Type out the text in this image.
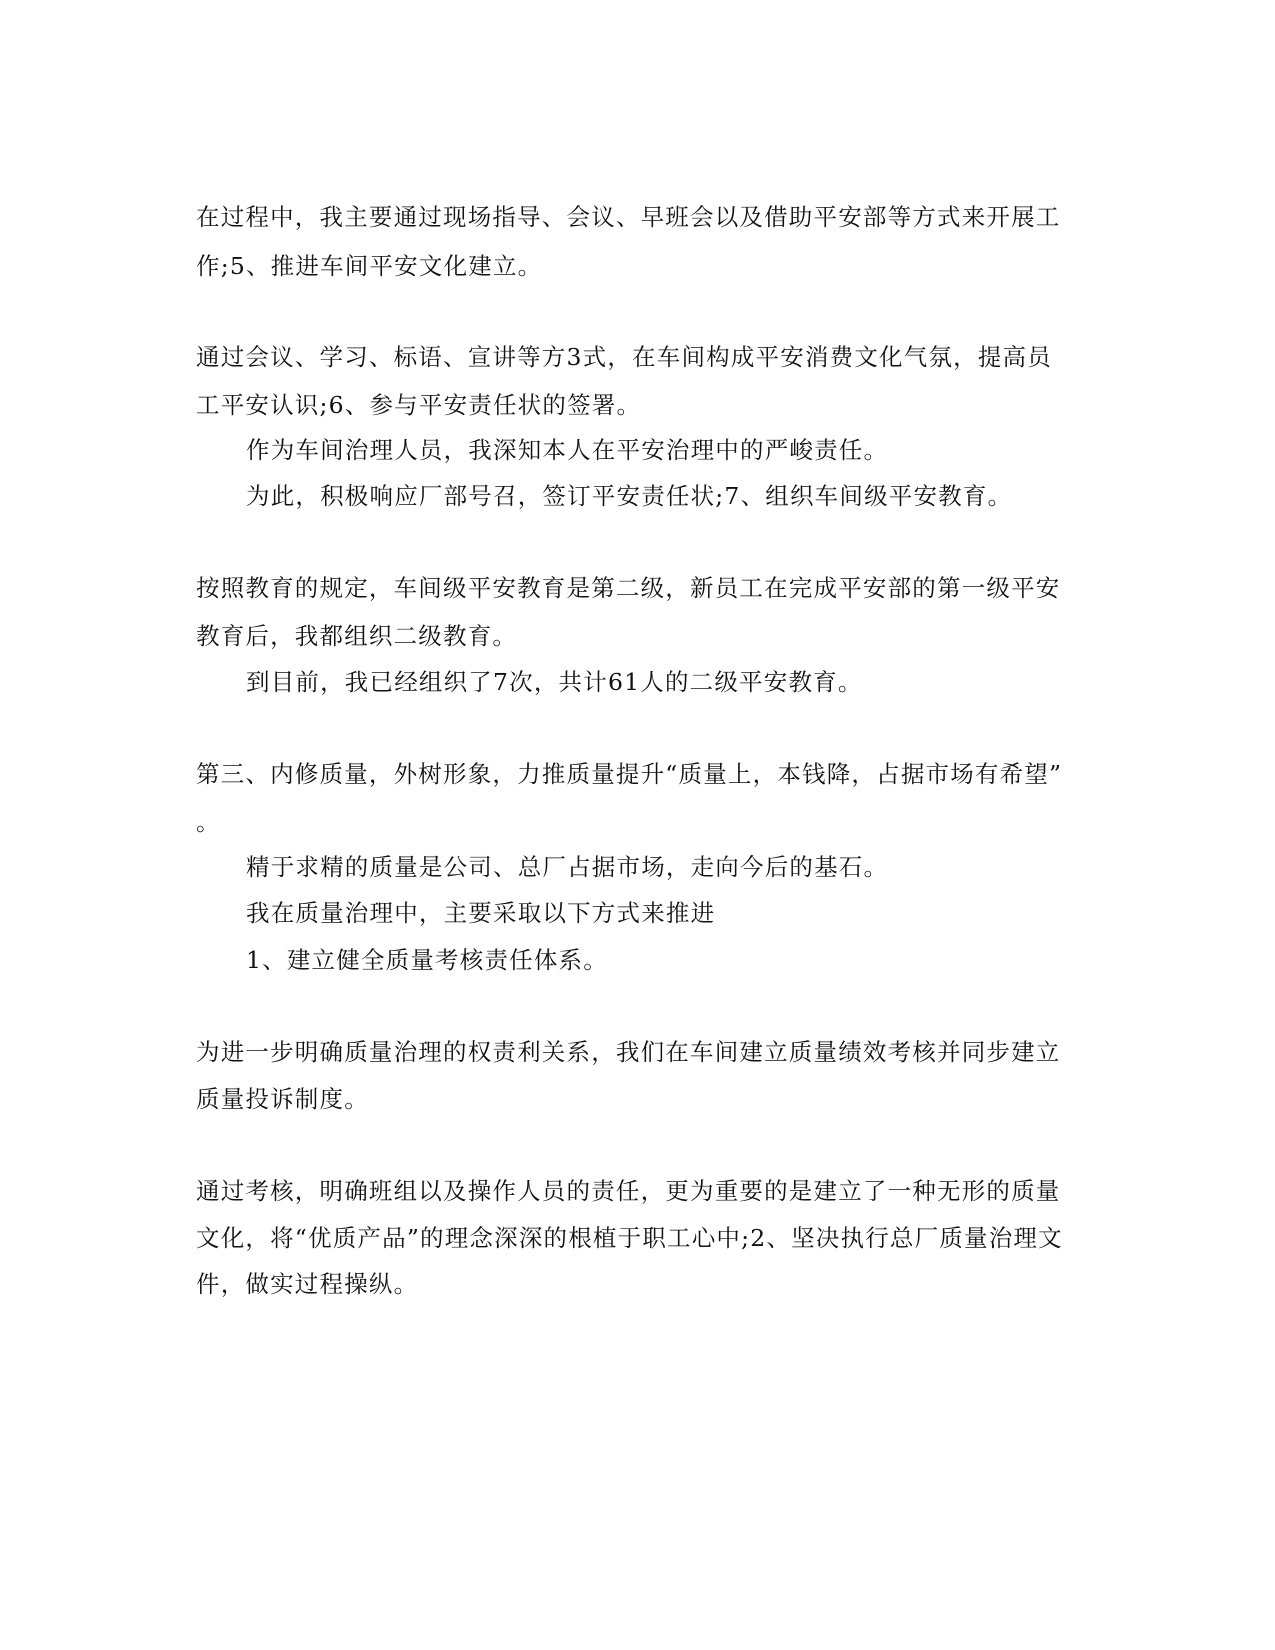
在过程中，我主要通过现场指导、会议、早班会以及借助平安部等方式来开展工
作;5、推进车间平安文化建立。
通过会议、学习、标语、宣讲等方3式，在车间构成平安消费文化气氛，提高员
工平安认识;6、参与平安责任状的签署。
作为车间治理人员，我深知本人在平安治理中的严峻责任。
为此，积极响应厂部号召，签订平安责任状;7、组织车间级平安教育。
按照教育的规定，车间级平安教育是第二级，新员工在完成平安部的第一级平安
教育后，我都组织二级教育。
到目前，我已经组织了7次，共计61人的二级平安教育。
第三、内修质量，外树形象，力推质量提升“质量上，本钱降，占据市场有希望”
。
精于求精的质量是公司、总厂占据市场，走向今后的基石。
我在质量治理中，主要采取以下方式来推进
1、建立健全质量考核责任体系。
为进一步明确质量治理的权责利关系，我们在车间建立质量绩效考核并同步建立
质量投诉制度。
通过考核，明确班组以及操作人员的责任，更为重要的是建立了一种无形的质量
文化，将“优质产品”的理念深深的根植于职工心中;2、坚决执行总厂质量治理文
件，做实过程操纵。
